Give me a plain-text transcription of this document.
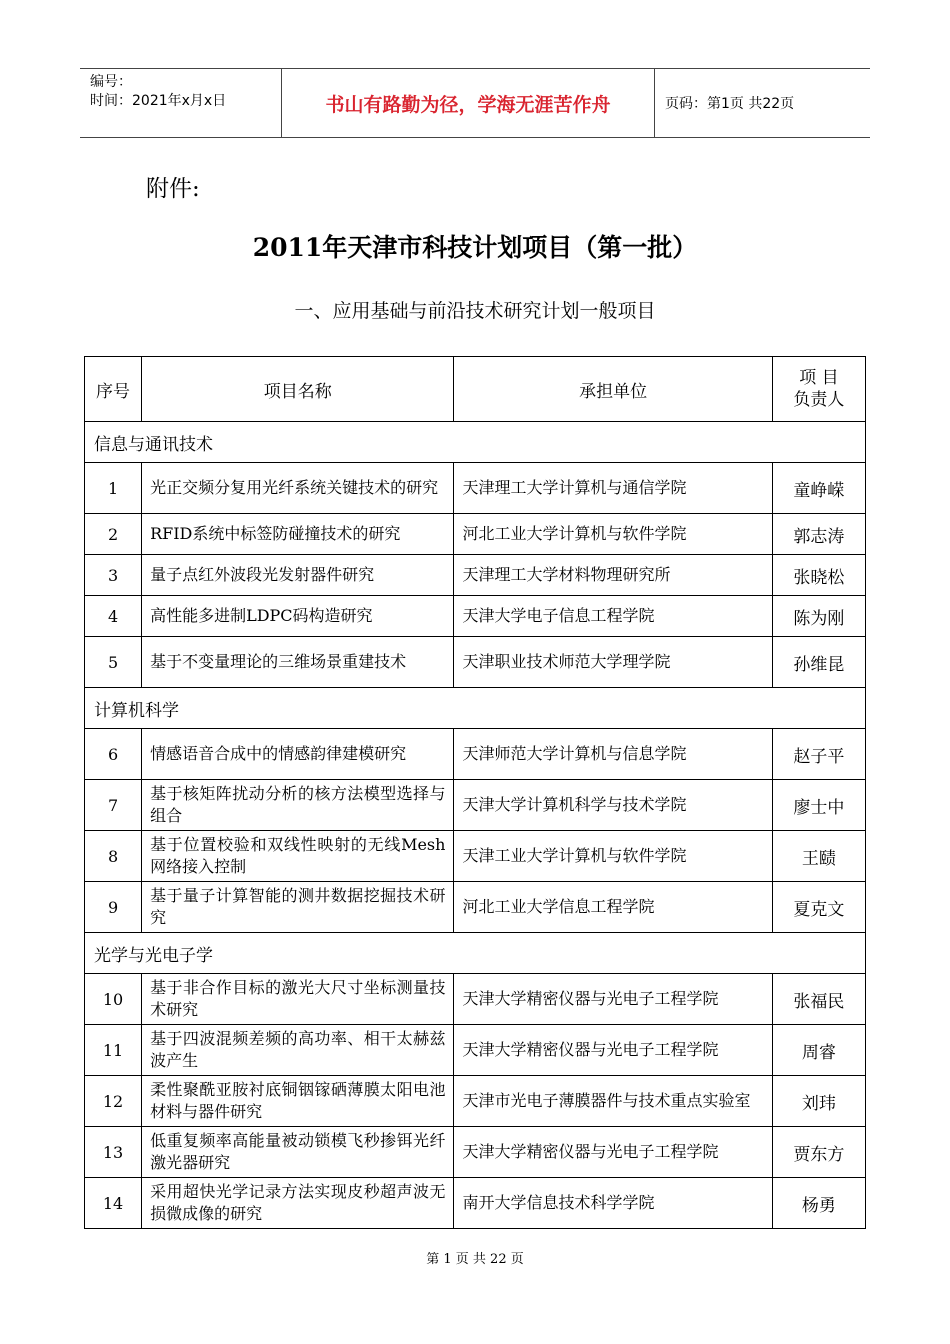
编号：
时间：2021年x月x日	书山有路勤为径，学海无涯苦作舟	页码：第1页 共22页
附件:
2011年天津市科技计划项目（第一批）
一、应用基础与前沿技术研究计划一般项目
序号	项目名称	承担单位	项 目
负责人
信息与通讯技术			
1	光正交频分复用光纤系统关键技术的研究	天津理工大学计算机与通信学院	童峥嵘
2	RFID系统中标签防碰撞技术的研究	河北工业大学计算机与软件学院	郭志涛
3	量子点红外波段光发射器件研究	天津理工大学材料物理研究所	张晓松
4	高性能多进制LDPC码构造研究	天津大学电子信息工程学院	陈为刚
5	基于不变量理论的三维场景重建技术	天津职业技术师范大学理学院	孙维昆
计算机科学			
6	情感语音合成中的情感韵律建模研究	天津师范大学计算机与信息学院	赵子平
7	基于核矩阵扰动分析的核方法模型选择与组合	天津大学计算机科学与技术学院	廖士中
8	基于位置校验和双线性映射的无线Mesh网络接入控制	天津工业大学计算机与软件学院	王赜
9	基于量子计算智能的测井数据挖掘技术研究	河北工业大学信息工程学院	夏克文
光学与光电子学			
10	基于非合作目标的激光大尺寸坐标测量技术研究	天津大学精密仪器与光电子工程学院	张福民
11	基于四波混频差频的高功率、相干太赫兹波产生	天津大学精密仪器与光电子工程学院	周睿
12	柔性聚酰亚胺衬底铜铟镓硒薄膜太阳电池材料与器件研究	天津市光电子薄膜器件与技术重点实验室	刘玮
13	低重复频率高能量被动锁模飞秒掺铒光纤激光器研究	天津大学精密仪器与光电子工程学院	贾东方
14	采用超快光学记录方法实现皮秒超声波无损微成像的研究	南开大学信息技术科学学院	杨勇
第 1 页 共 22 页
